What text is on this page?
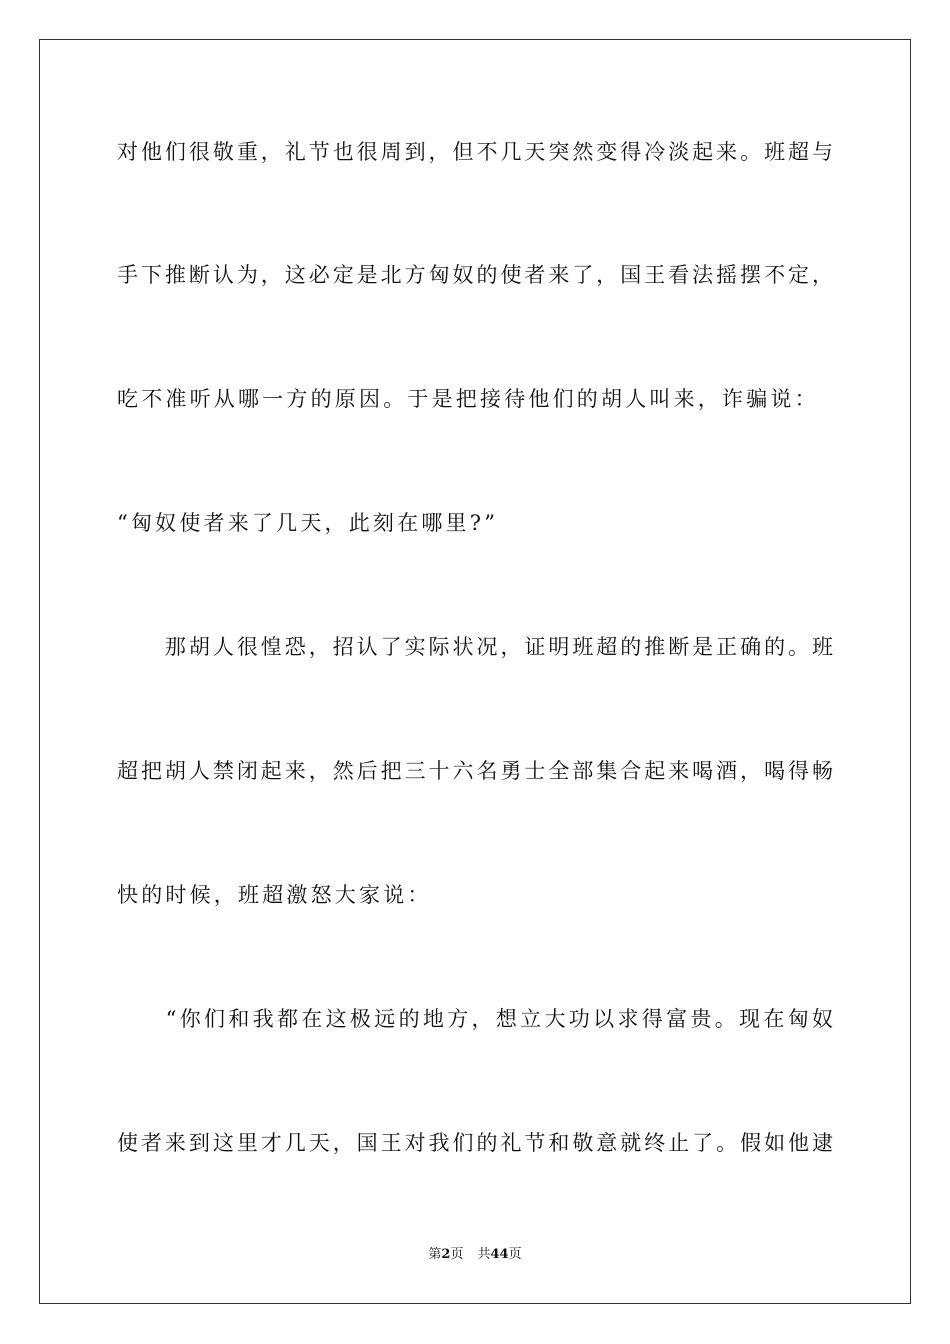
对他们很敬重，礼节也很周到，但不几天突然变得冷淡起来。班超与
手下推断认为，这必定是北方匈奴的使者来了，国王看法摇摆不定，
吃不准听从哪一方的原因。于是把接待他们的胡人叫来，诈骗说：
“匈奴使者来了几天，此刻在哪里?”
　　那胡人很惶恐，招认了实际状况，证明班超的推断是正确的。班
超把胡人禁闭起来，然后把三十六名勇士全部集合起来喝酒，喝得畅
快的时候，班超激怒大家说：
　　“你们和我都在这极远的地方，想立大功以求得富贵。现在匈奴
使者来到这里才几天，国王对我们的礼节和敬意就终止了。假如他逮
第2页 共44页
